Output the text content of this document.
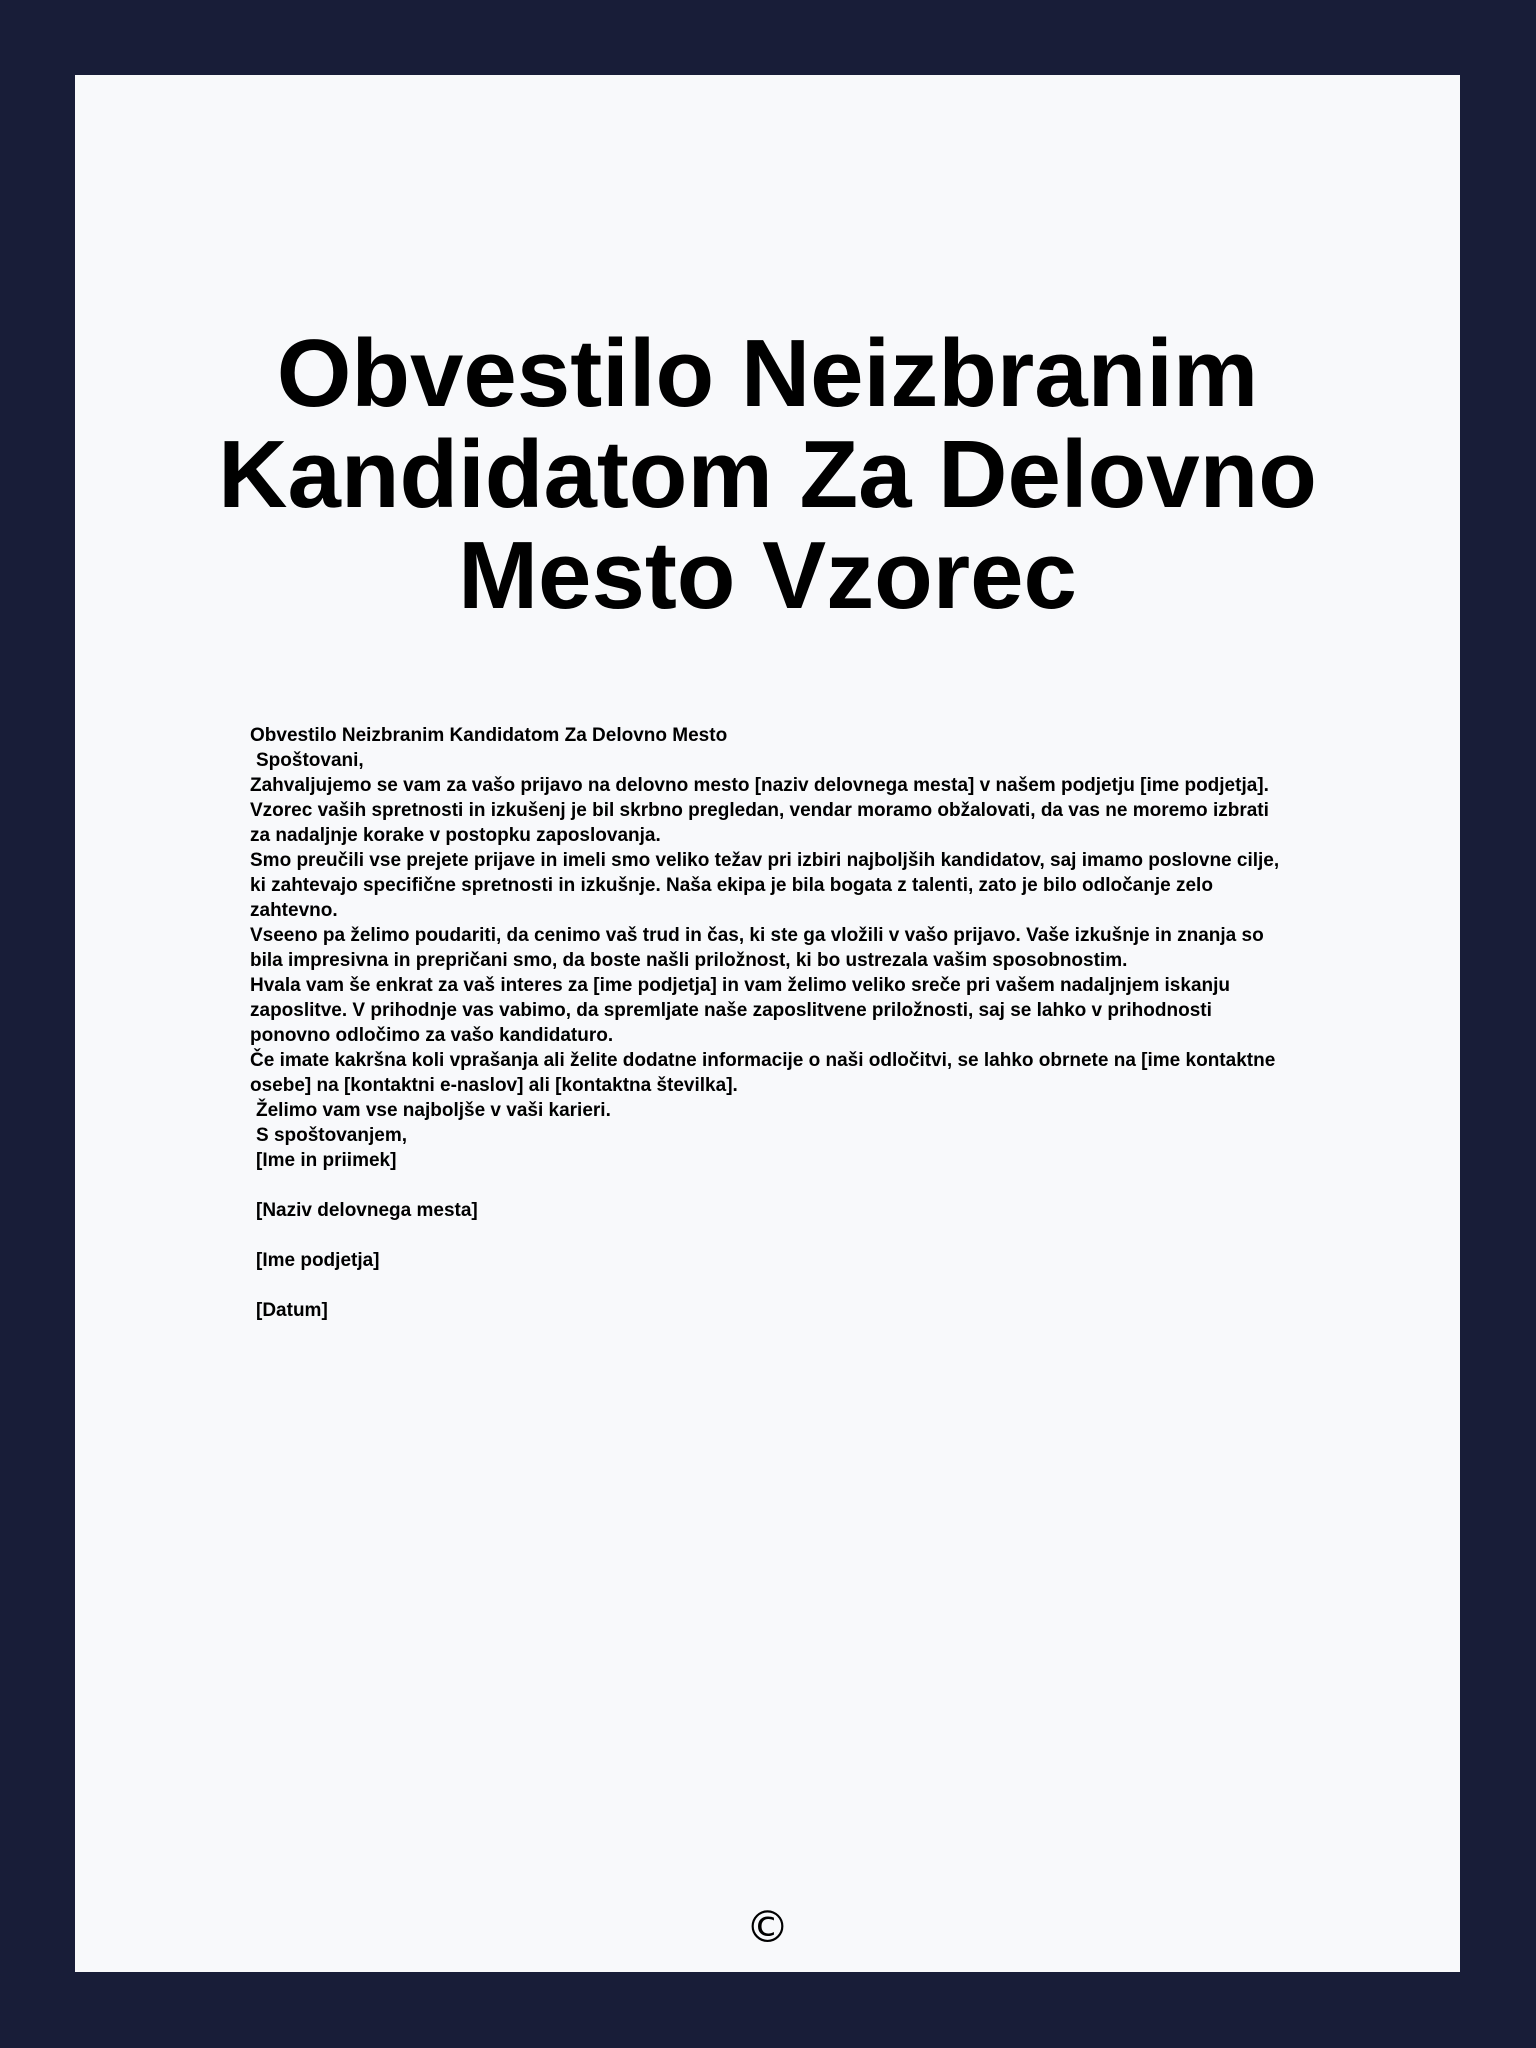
Obvestilo Neizbranim Kandidatom Za Delovno Mesto Vzorec

Obvestilo Neizbranim Kandidatom Za Delovno Mesto

Spoštovani,

Zahvaljujemo se vam za vašo prijavo na delovno mesto [naziv delovnega mesta] v našem podjetju [ime podjetja]. Vzorec vaših spretnosti in izkušenj je bil skrbno pregledan, vendar moramo obžalovati, da vas ne moremo izbrati za nadaljnje korake v postopku zaposlovanja.

Smo preučili vse prejete prijave in imeli smo veliko težav pri izbiri najboljših kandidatov, saj imamo poslovne cilje, ki zahtevajo specifične spretnosti in izkušnje. Naša ekipa je bila bogata z talenti, zato je bilo odločanje zelo zahtevno.

Vseeno pa želimo poudariti, da cenimo vaš trud in čas, ki ste ga vložili v vašo prijavo. Vaše izkušnje in znanja so bila impresivna in prepričani smo, da boste našli priložnost, ki bo ustrezala vašim sposobnostim.

Hvala vam še enkrat za vaš interes za [ime podjetja] in vam želimo veliko sreče pri vašem nadaljnjem iskanju zaposlitve. V prihodnje vas vabimo, da spremljate naše zaposlitvene priložnosti, saj se lahko v prihodnosti ponovno odločimo za vašo kandidaturo.

Če imate kakršna koli vprašanja ali želite dodatne informacije o naši odločitvi, se lahko obrnete na [ime kontaktne osebe] na [kontaktni e-naslov] ali [kontaktna številka].

Želimo vam vse najboljše v vaši karieri.

S spoštovanjem,

[Ime in priimek]

[Naziv delovnega mesta]

[Ime podjetja]

[Datum]

©
